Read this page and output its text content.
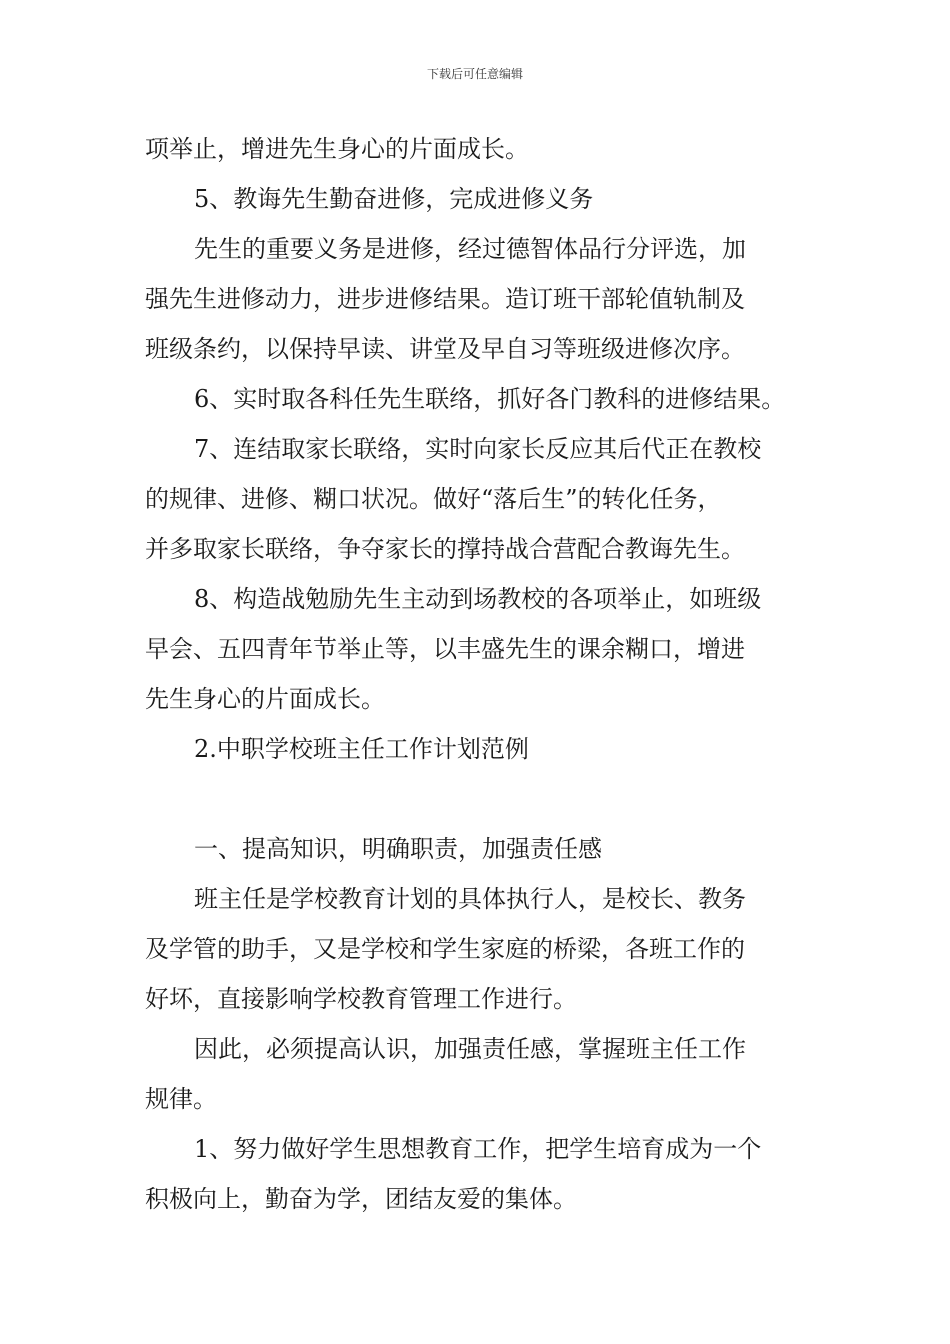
下载后可任意编辑
项举止，增进先生身心的片面成长。
5、教诲先生勤奋进修，完成进修义务
先生的重要义务是进修，经过德智体品行分评选，加
强先生进修动力，进步进修结果。造订班干部轮值轨制及
班级条约，以保持早读、讲堂及早自习等班级进修次序。
6、实时取各科任先生联络，抓好各门教科的进修结果。
7、连结取家长联络，实时向家长反应其后代正在教校
的规律、进修、糊口状况。做好“落后生”的转化任务，
并多取家长联络，争夺家长的撑持战合营配合教诲先生。
8、构造战勉励先生主动到场教校的各项举止，如班级
早会、五四青年节举止等，以丰盛先生的课余糊口，增进
先生身心的片面成长。
2.中职学校班主任工作计划范例
一、提高知识，明确职责，加强责任感
班主任是学校教育计划的具体执行人，是校长、教务
及学管的助手，又是学校和学生家庭的桥梁，各班工作的
好坏，直接影响学校教育管理工作进行。
因此，必须提高认识，加强责任感，掌握班主任工作
规律。
1、努力做好学生思想教育工作，把学生培育成为一个
积极向上，勤奋为学，团结友爱的集体。
